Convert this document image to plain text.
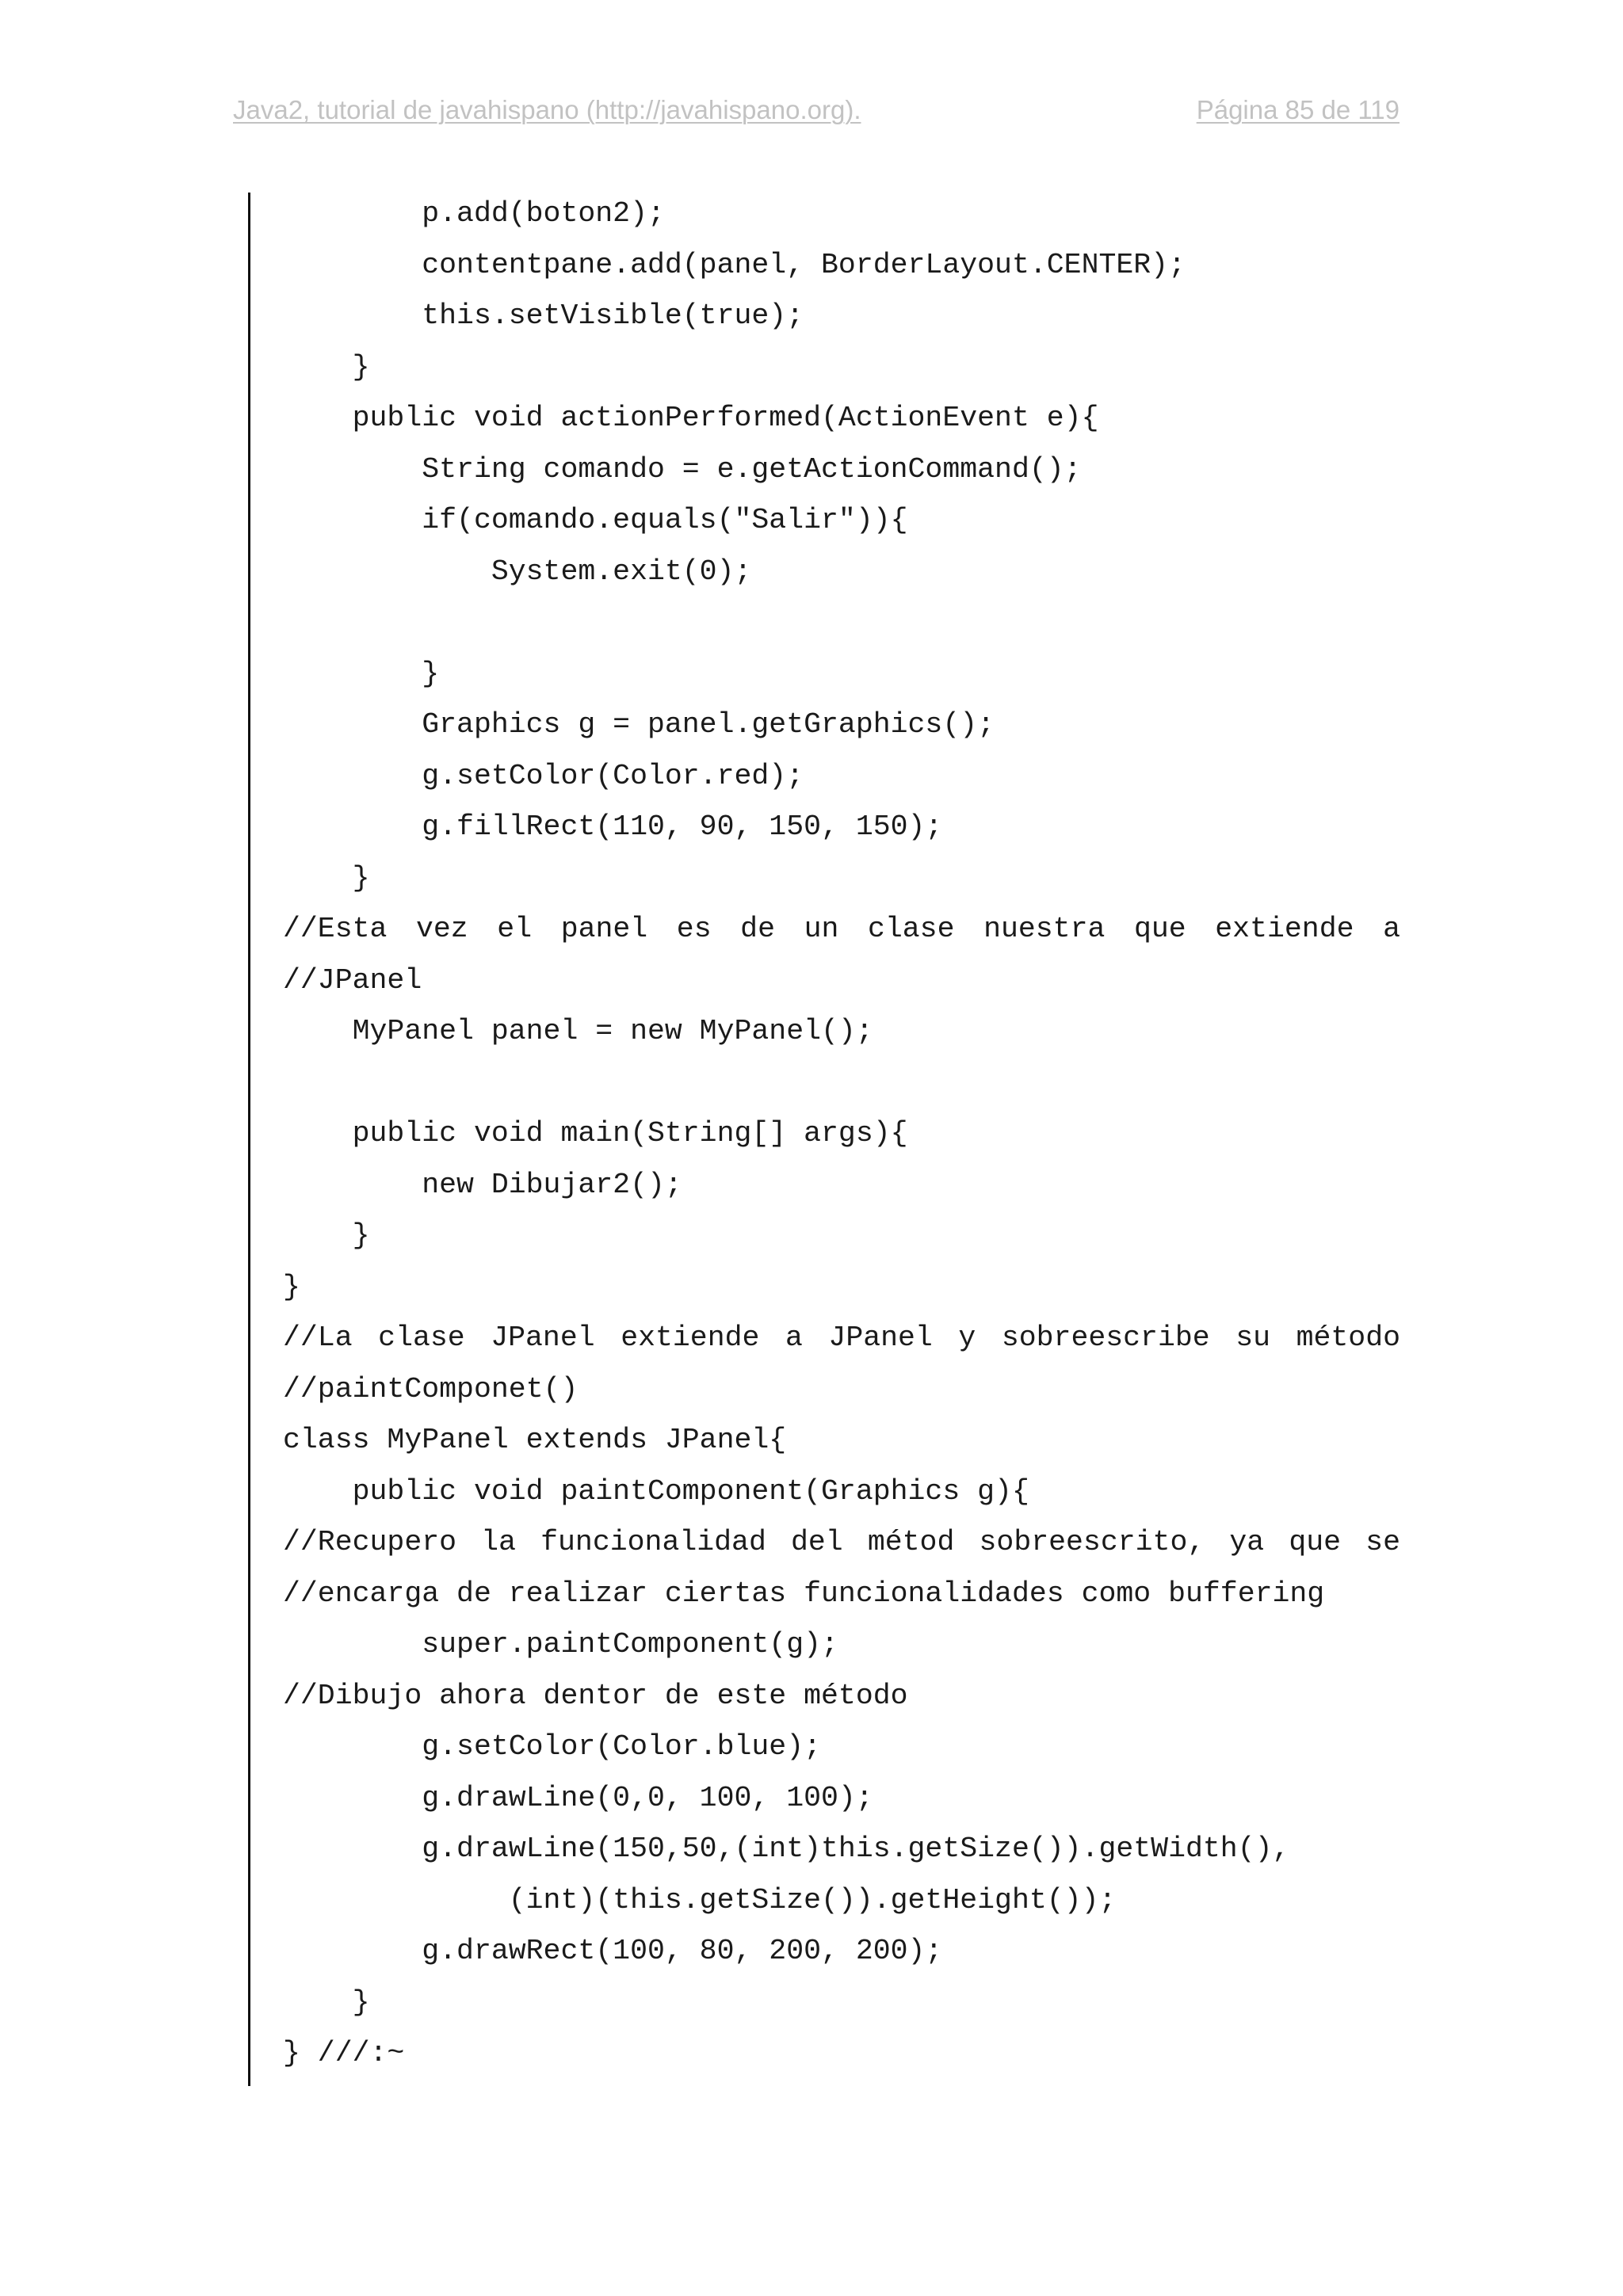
Java2, tutorial de javahispano (http://javahispano.org).	Página 85 de 119
p.add(boton2);
contentpane.add(panel, BorderLayout.CENTER);
this.setVisible(true);
}
public void actionPerformed(ActionEvent e){
String comando = e.getActionCommand();
if(comando.equals("Salir")){
System.exit(0);
}
Graphics g = panel.getGraphics();
g.setColor(Color.red);
g.fillRect(110, 90, 150, 150);
}
//Esta vez el panel es de un clase nuestra que extiende a
//JPanel
MyPanel panel = new MyPanel();
public void main(String[] args){
new Dibujar2();
}
}
//La clase JPanel extiende a JPanel y sobreescribe su método
//paintComponet()
class MyPanel extends JPanel{
public void paintComponent(Graphics g){
//Recupero la funcionalidad del métod sobreescrito, ya que se
//encarga de realizar ciertas funcionalidades como buffering
super.paintComponent(g);
//Dibujo ahora dentor de este método
g.setColor(Color.blue);
g.drawLine(0,0, 100, 100);
g.drawLine(150,50,(int)this.getSize()).getWidth(),
(int)(this.getSize()).getHeight());
g.drawRect(100, 80, 200, 200);
}
} ///:~
